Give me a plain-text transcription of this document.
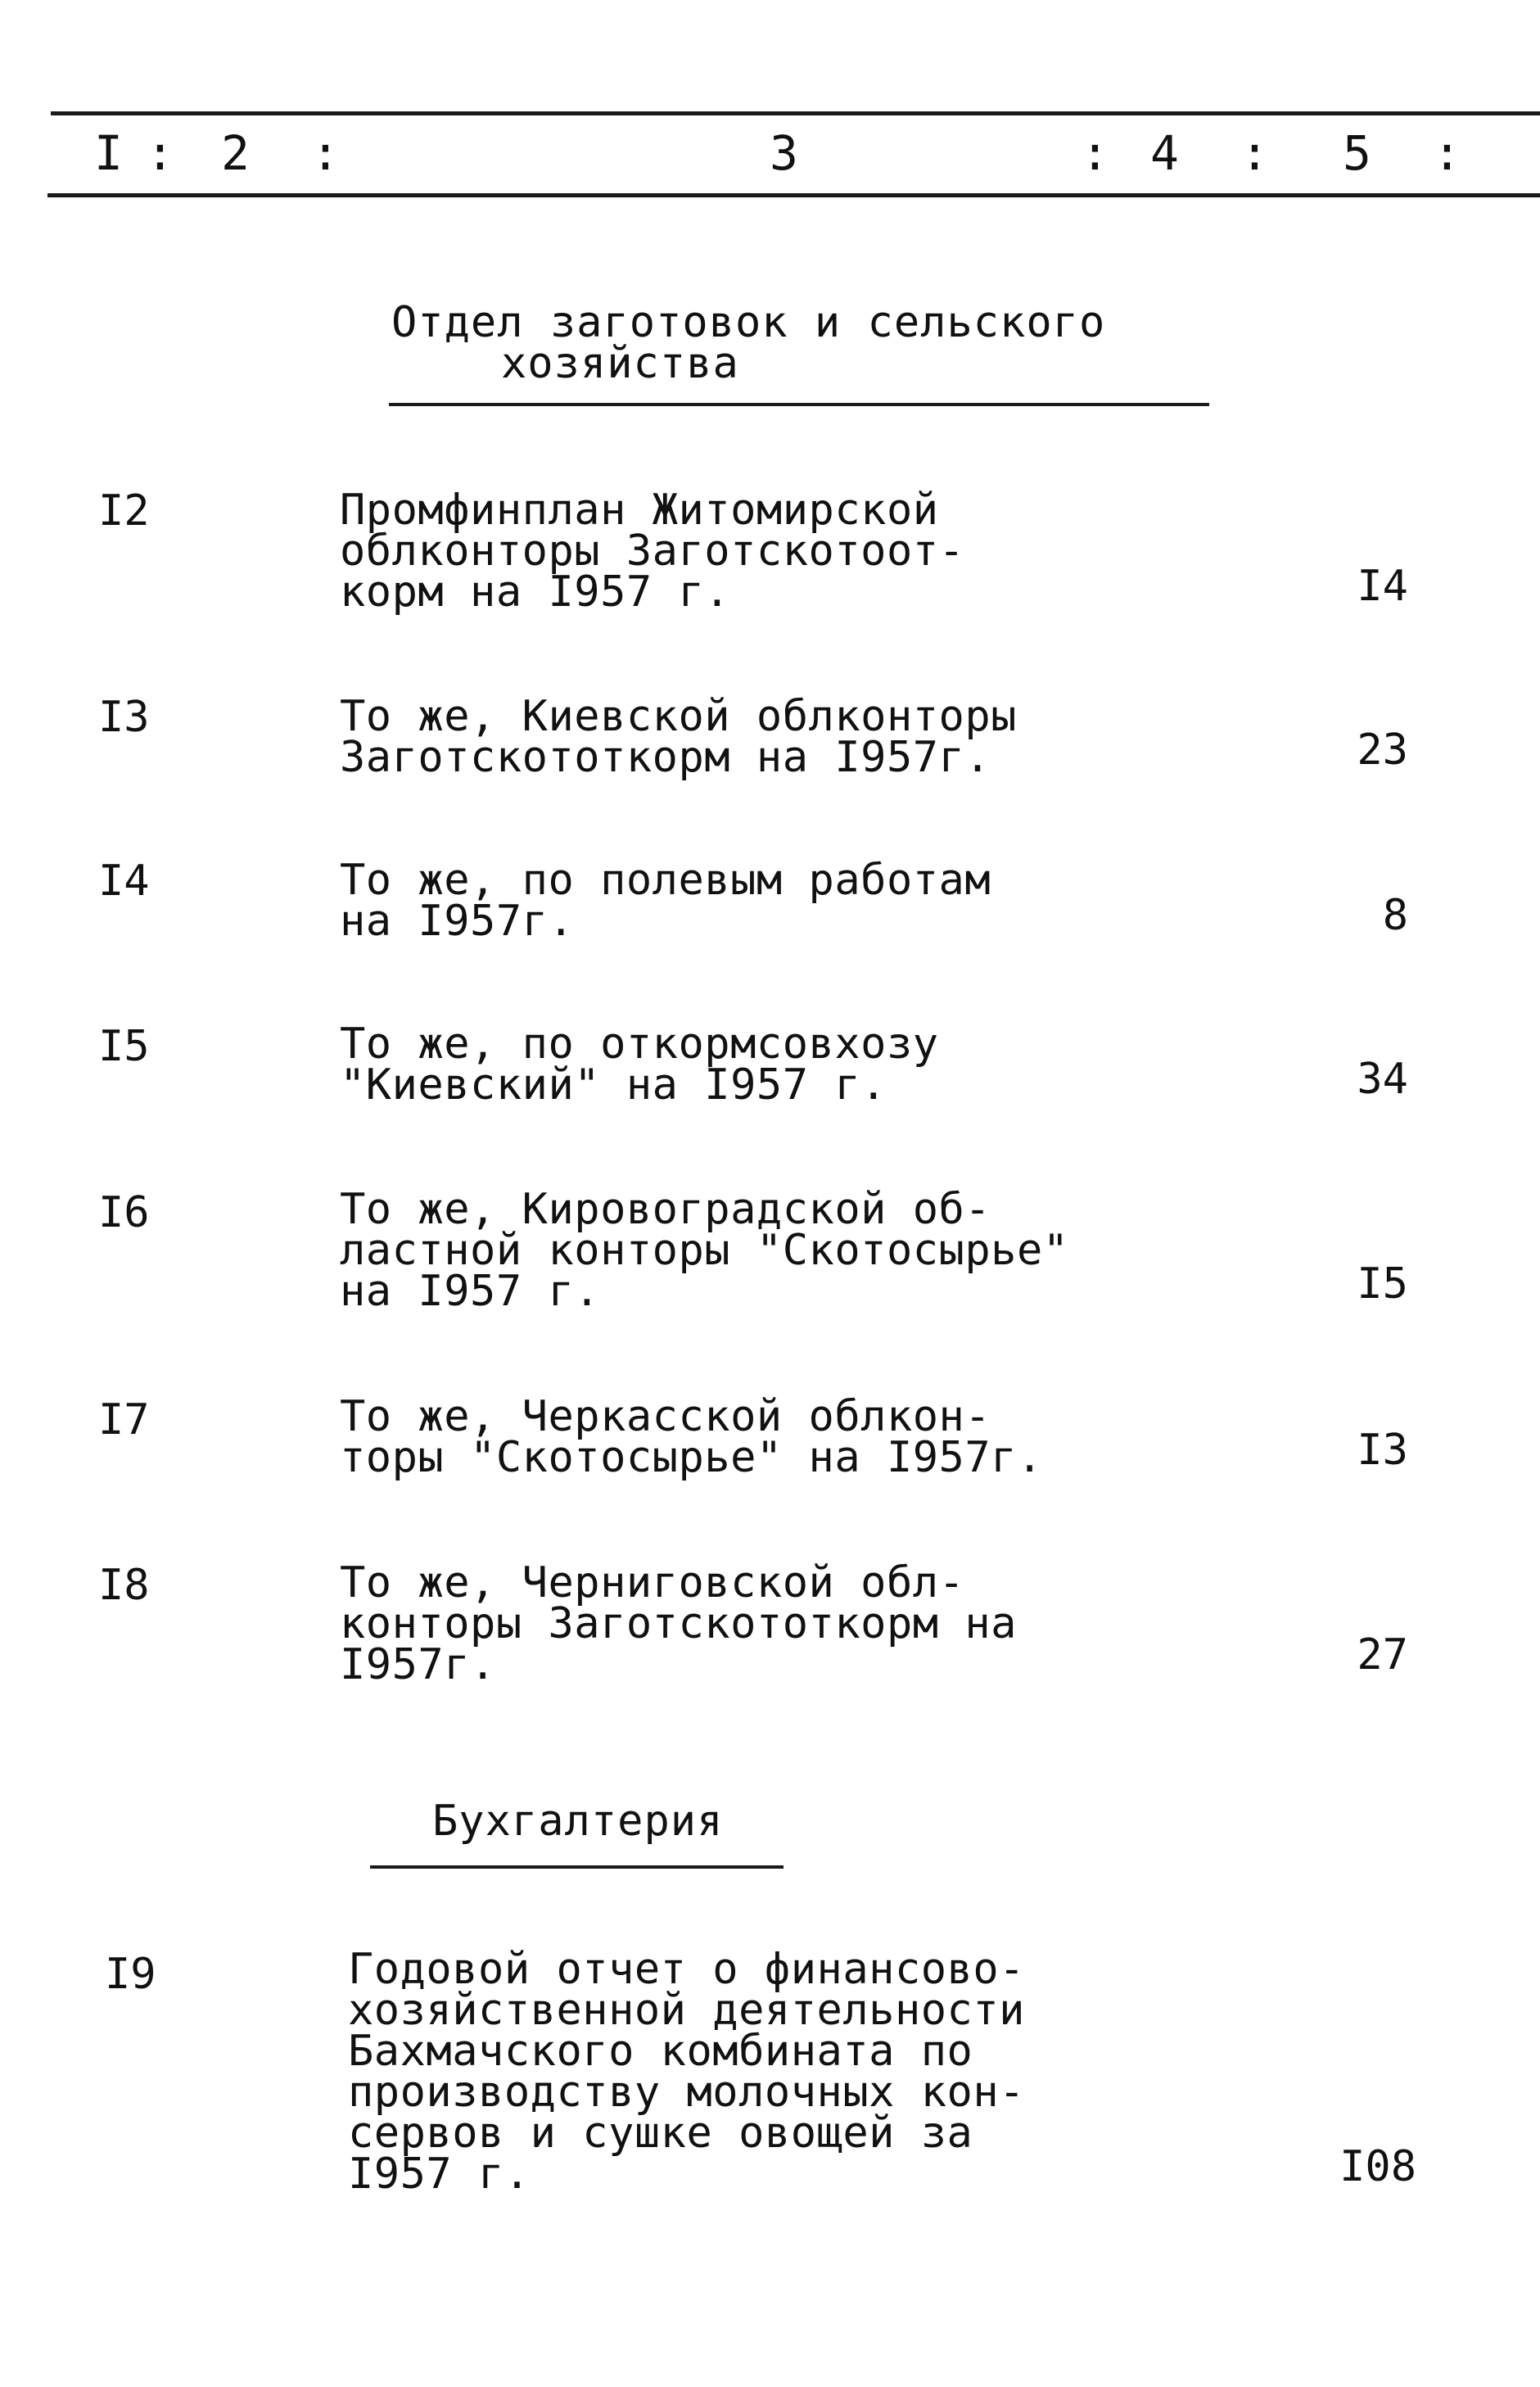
I : 2 :	3	: 4 : 5 :
Отдел заготовок и сельского
хозяйства
I2	Промфинплан Житомирской
облконторы Заготскотоот-
корм на I957 г.	I4
I3	То же, Киевской облконторы
Заготскототкорм на I957г.	23
I4	То же, по полевым работам
на I957г.	8
I5	То же, по откормсовхозу
"Киевский" на I957 г.	34
I6	То же, Кировоградской об-
ластной конторы "Скотосырье"
на I957 г.	I5
I7	То же, Черкасской облкон-
торы "Скотосырье" на I957г.	I3
I8	То же, Черниговской обл-
конторы Заготскототкорм на
I957г.	27
Бухгалтерия
I9	Годовой отчет о финансово-
хозяйственной деятельности
Бахмачского комбината по
производству молочных кон-
сервов и сушке овощей за
I957 г.	I08
